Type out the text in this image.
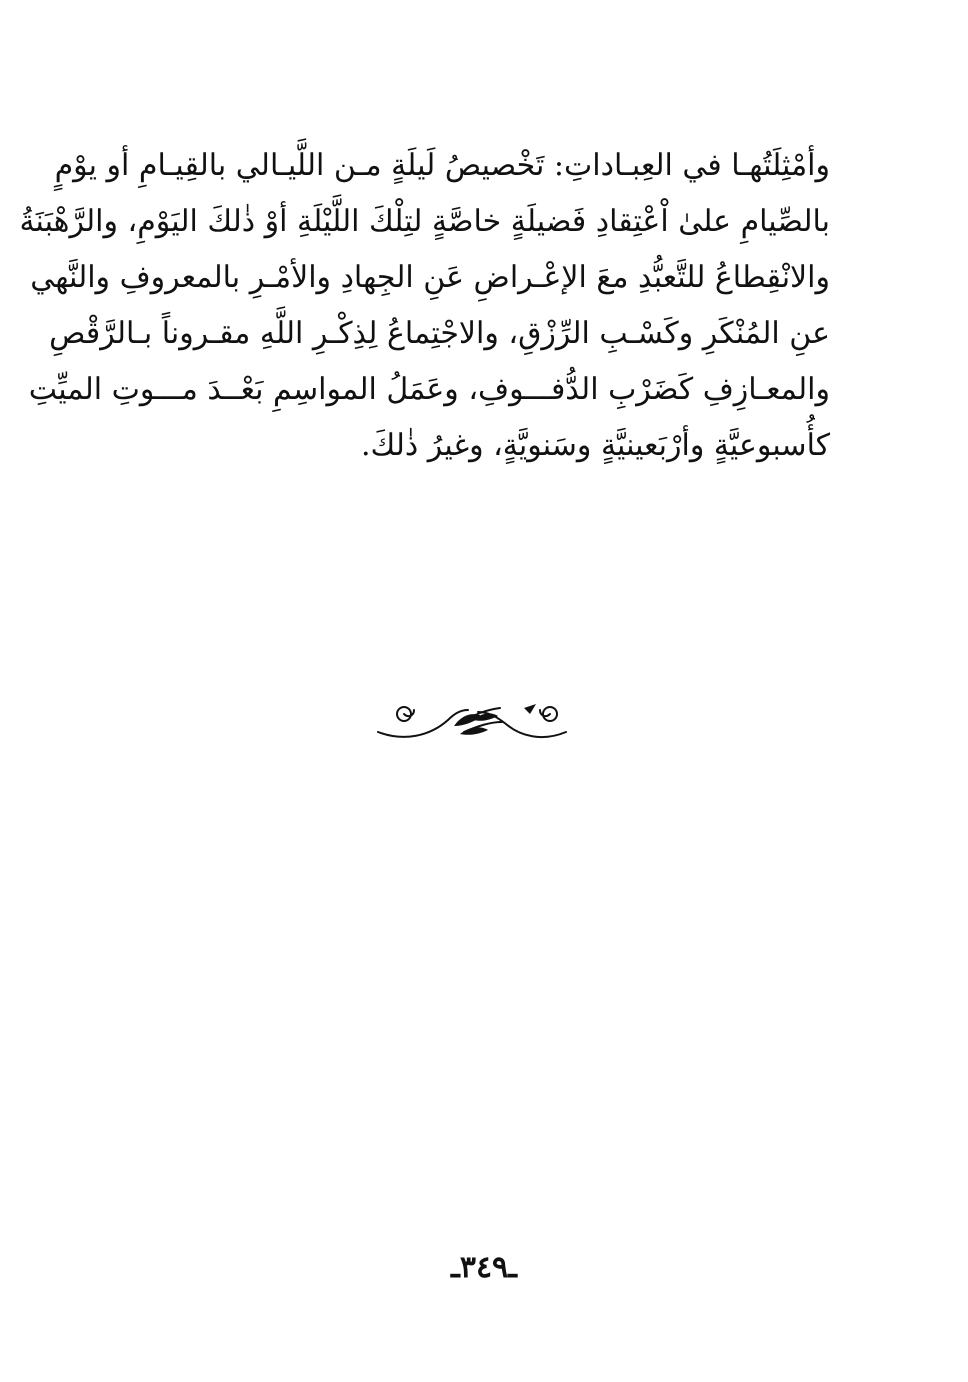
وأمْثِلَتُهـا في العِبـاداتِ: تَخْصيصُ لَيلَةٍ مـن اللَّيـالي بالقِيـامِ أو يوْمٍ
بالصِّيامِ علىٰ اْعْتِقادِ فَضيلَةٍ خاصَّةٍ لتِلْكَ اللَّيْلَةِ أوْ ذٰلكَ اليَوْمِ، والرَّهْبَنَةُ
والانْقِطاعُ للتَّعبُّدِ معَ الإعْـراضِ عَنِ الجِهادِ والأمْـرِ بالمعروفِ والنَّهي
عنِ المُنْكَرِ وكَسْـبِ الرِّزْقِ، والاجْتِماعُ لِذِكْـرِ اللَّهِ مقـروناً بـالرَّقْصِ
والمعـازِفِ كَضَرْبِ الدُّفـــوفِ، وعَمَلُ المواسِمِ بَعْــدَ مـــوتِ الميِّتِ
كأُسبوعيَّةٍ وأرْبَعينيَّةٍ وسَنويَّةٍ، وغيرُ ذٰلكَ.
ـ٣٤٩ـ
